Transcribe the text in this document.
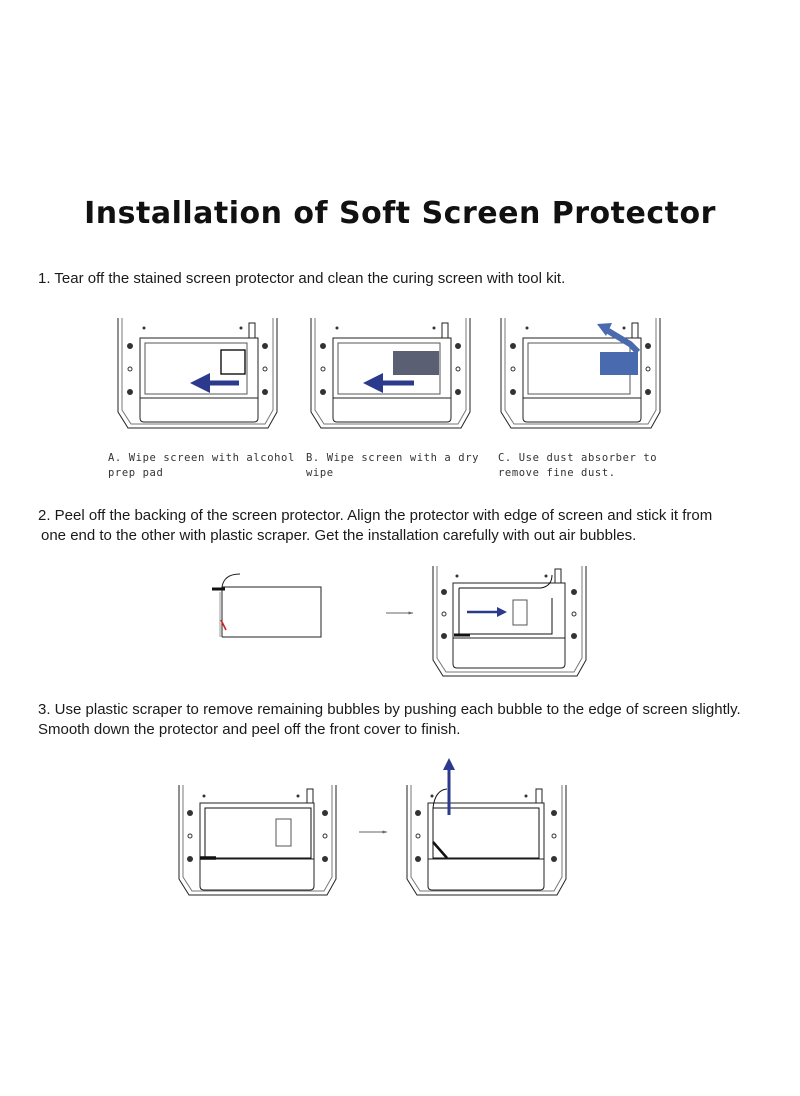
Installation of Soft Screen Protector
1. Tear off the stained screen protector and clean the curing screen with tool kit.
A. Wipe screen with alcohol
prep pad
B. Wipe screen with a dry
wipe
C. Use dust absorber to
remove fine dust.
2. Peel off the backing of the screen protector. Align the protector with edge of screen and stick it from
one end to the other with plastic scraper. Get the installation carefully with out air bubbles.
3. Use plastic scraper to remove remaining bubbles by pushing each bubble to the edge of screen slightly.
Smooth down the protector and peel off the front cover to finish.
